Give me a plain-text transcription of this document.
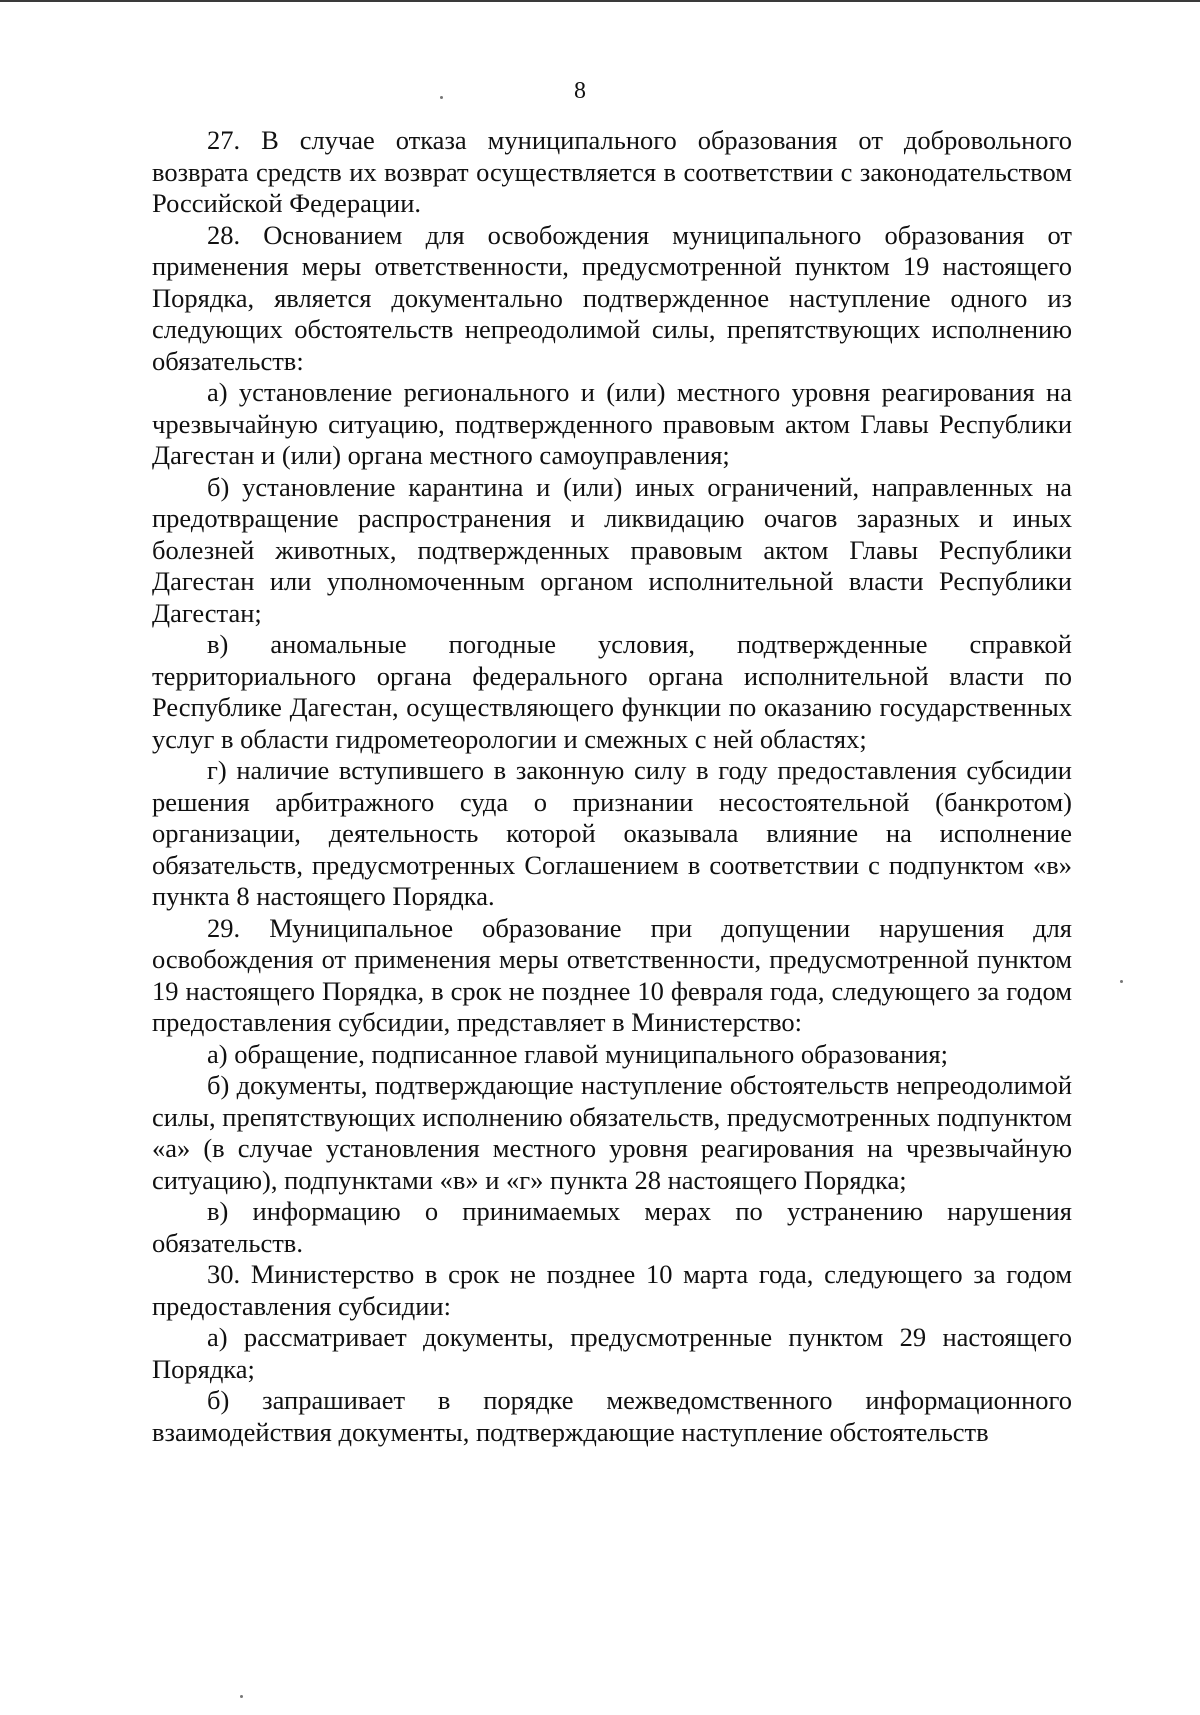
8

27. В случае отказа муниципального образования от добровольного возврата средств их возврат осуществляется в соответствии с законодательством Российской Федерации.

28. Основанием для освобождения муниципального образования от применения меры ответственности, предусмотренной пунктом 19 настоящего Порядка, является документально подтвержденное наступление одного из следующих обстоятельств непреодолимой силы, препятствующих исполнению обязательств:

а) установление регионального и (или) местного уровня реагирования на чрезвычайную ситуацию, подтвержденного правовым актом Главы Республики Дагестан и (или) органа местного самоуправления;

б) установление карантина и (или) иных ограничений, направленных на предотвращение распространения и ликвидацию очагов заразных и иных болезней животных, подтвержденных правовым актом Главы Республики Дагестан или уполномоченным органом исполнительной власти Республики Дагестан;

в) аномальные погодные условия, подтвержденные справкой территориального органа федерального органа исполнительной власти по Республике Дагестан, осуществляющего функции по оказанию государственных услуг в области гидрометеорологии и смежных с ней областях;

г) наличие вступившего в законную силу в году предоставления субсидии решения арбитражного суда о признании несостоятельной (банкротом) организации, деятельность которой оказывала влияние на исполнение обязательств, предусмотренных Соглашением в соответствии с подпунктом «в» пункта 8 настоящего Порядка.

29. Муниципальное образование при допущении нарушения для освобождения от применения меры ответственности, предусмотренной пунктом 19 настоящего Порядка, в срок не позднее 10 февраля года, следующего за годом предоставления субсидии, представляет в Министерство:

а) обращение, подписанное главой муниципального образования;

б) документы, подтверждающие наступление обстоятельств непреодолимой силы, препятствующих исполнению обязательств, предусмотренных подпунктом «а» (в случае установления местного уровня реагирования на чрезвычайную ситуацию), подпунктами «в» и «г» пункта 28 настоящего Порядка;

в) информацию о принимаемых мерах по устранению нарушения обязательств.

30. Министерство в срок не позднее 10 марта года, следующего за годом предоставления субсидии:

а) рассматривает документы, предусмотренные пунктом 29 настоящего Порядка;

б) запрашивает в порядке межведомственного информационного взаимодействия документы, подтверждающие наступление обстоятельств
